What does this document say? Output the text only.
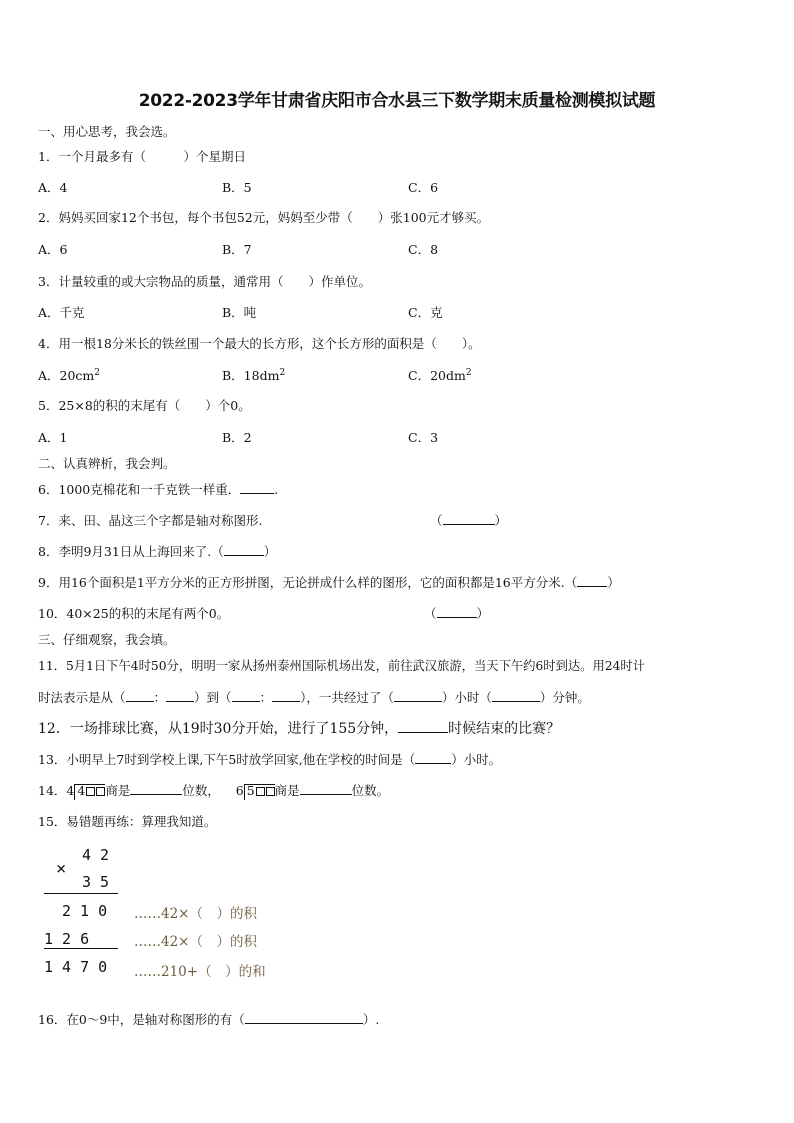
2022-2023学年甘肃省庆阳市合水县三下数学期末质量检测模拟试题
一、用心思考，我会选。
1．一个月最多有（　　　）个星期日
A．4	B．5	C．6
2．妈妈买回家12个书包，每个书包52元，妈妈至少带（　　）张100元才够买。
A．6	B．7	C．8
3．计量较重的或大宗物品的质量，通常用（　　）作单位。
A．千克	B．吨	C．克
4．用一根18分米长的铁丝围一个最大的长方形，这个长方形的面积是（　　）。
A．$20cm^2$	B．$18dm^2$	C．$20dm^2$
5．25×8的积的末尾有（　　）个0。
A．1	B．2	C．3
二、认真辨析，我会判。
6．1000克棉花和一千克铁一样重．	.
7．来、田、晶这三个字都是轴对称图形.	（	）
8．李明9月31日从上海回来了.（	）
9．用16个面积是1平方分米的正方形拼图，无论拼成什么样的图形，它的面积都是16平方分米.（ ）
10．40×25的积的末尾有两个0。	（	）
三、仔细观察，我会填。
11．5月1日下午4时50分，明明一家从扬州泰州国际机场出发，前往武汉旅游，当天下午约6时到达。用24时计
时法表示是从（ ： ）到（ ： ），一共经过了（	）小时（	）分钟。
12．一场排球比赛，从19时30分开始，进行了155分钟，	时候结束的比赛？
13．小明早上7时到学校上课,下午5时放学回家,他在学校的时间是（	）小时。
14．4 4 商是	位数， 6 5 商是	位数。
15．易错题再练：算理我知道。
4 2
×
3 5
2 1 0
1 2 6
1 4 7 0
……42×（　）的积
……42×（　）的积
……210+（　）的和
16．在0～9中，是轴对称图形的有（	）.
